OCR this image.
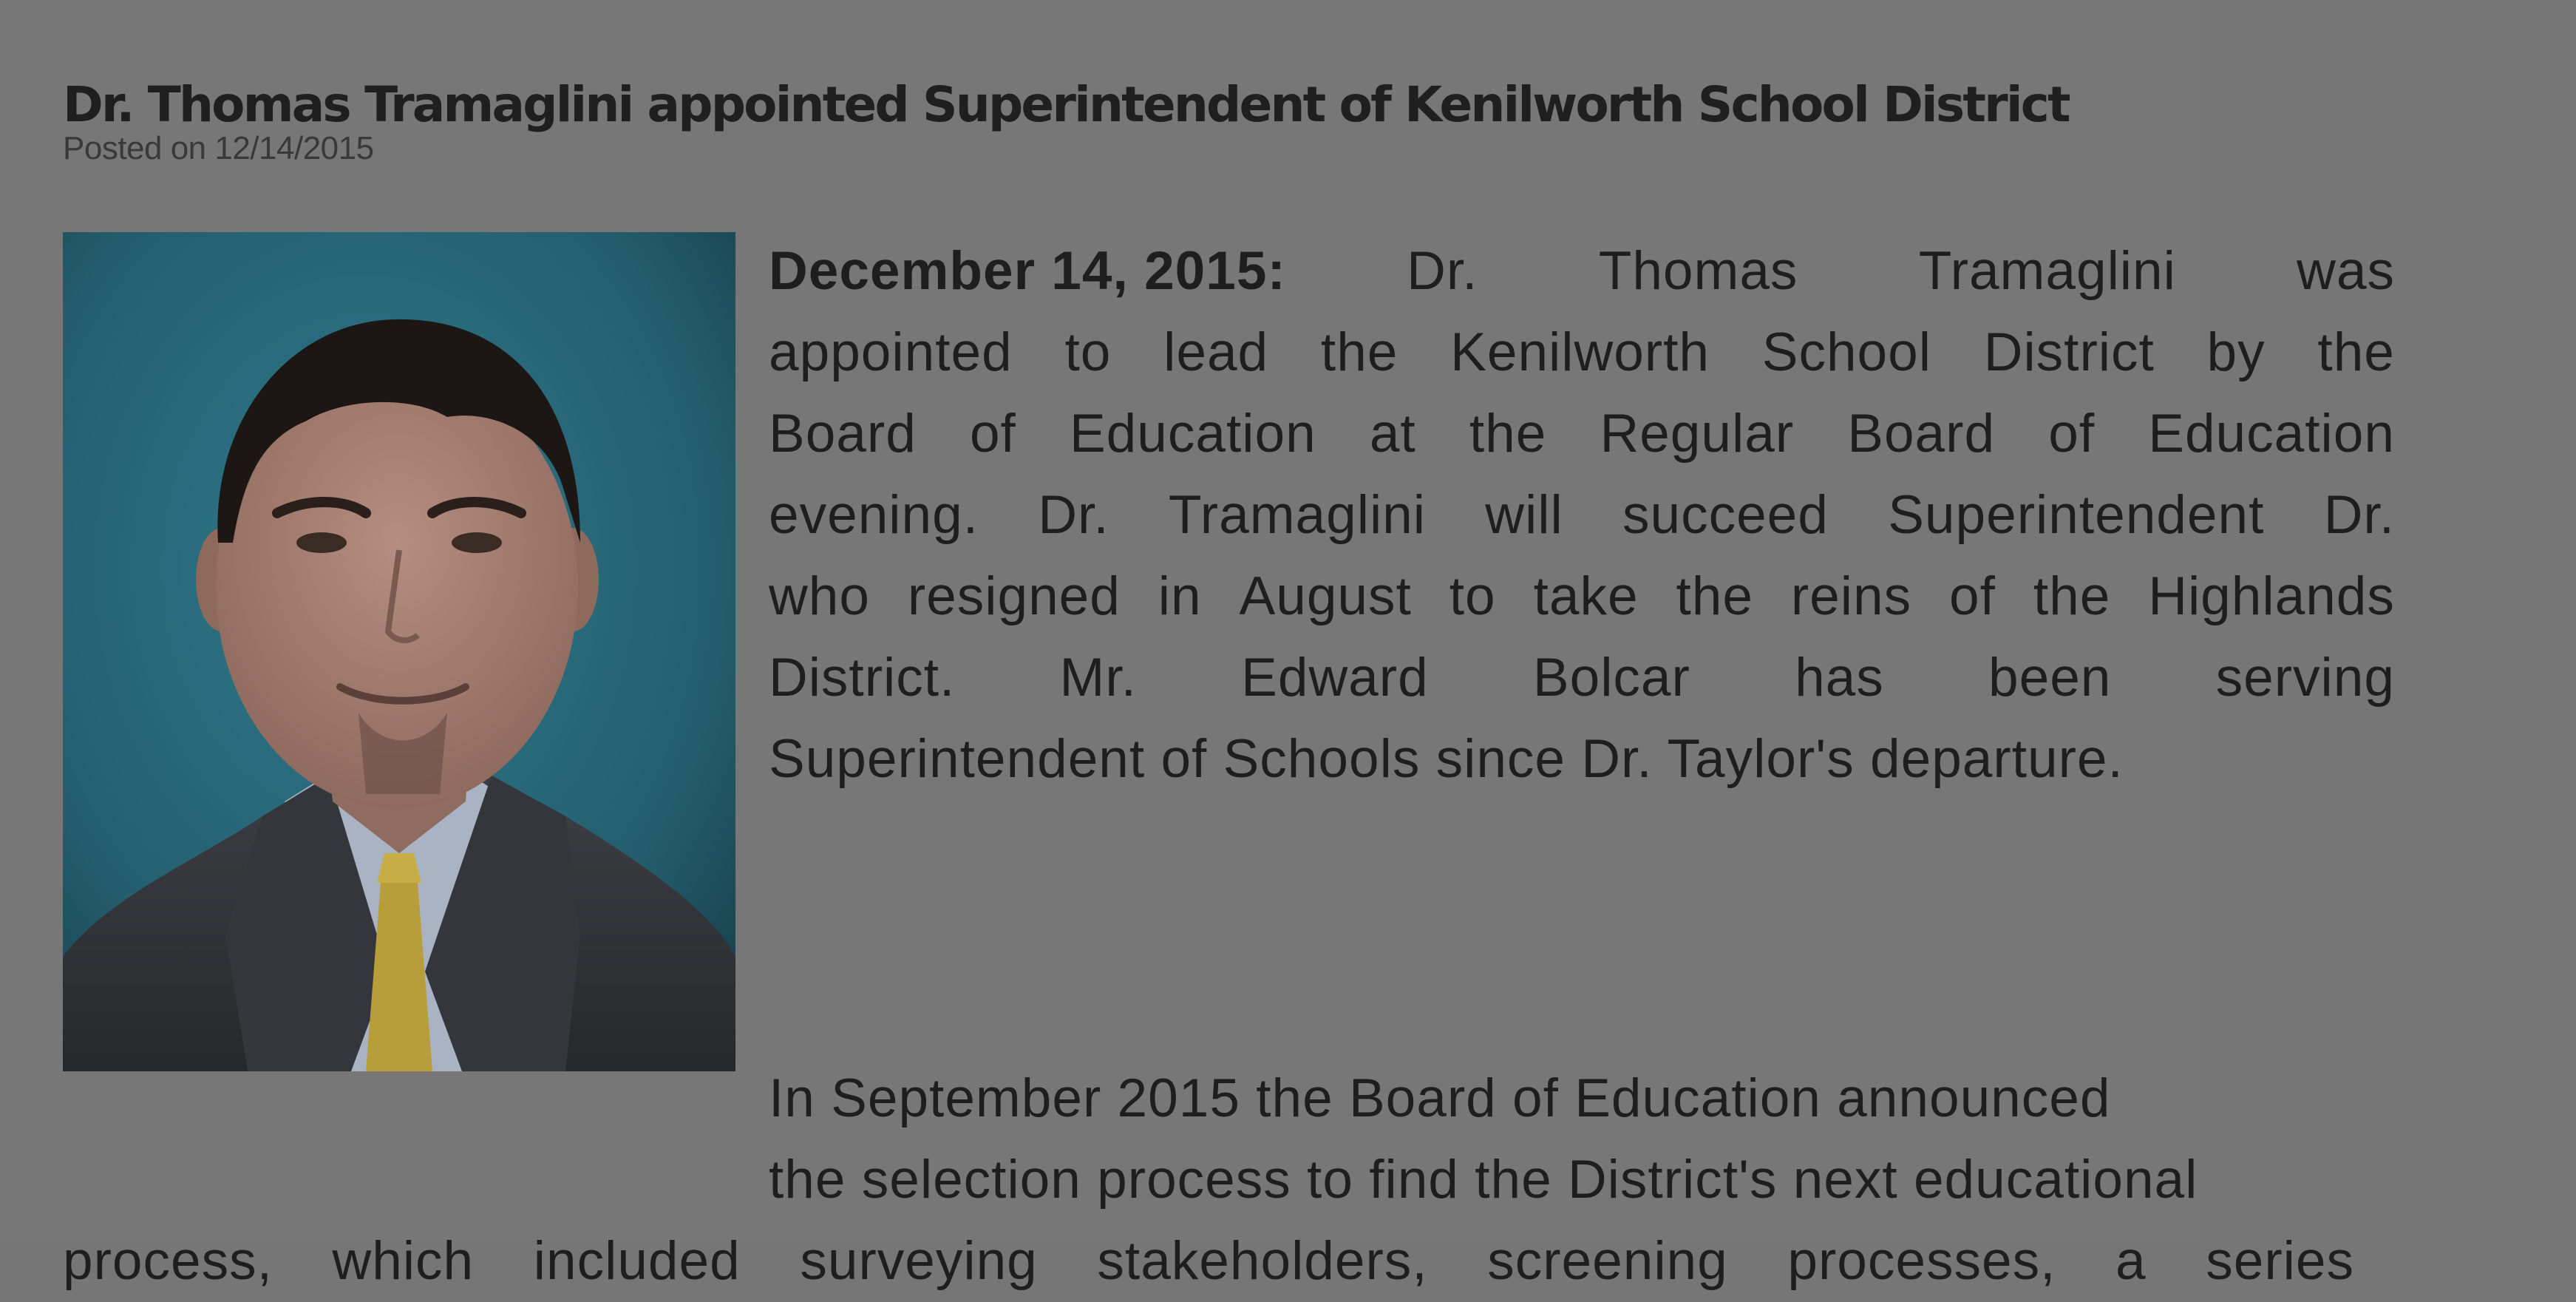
Dr. Thomas Tramaglini appointed Superintendent of Kenilworth School District
Posted on 12/14/2015
December 14, 2015: Dr. Thomas Tramaglini was
appointed to lead the Kenilworth School District by the
Board of Education at the Regular Board of Education
evening. Dr. Tramaglini will succeed Superintendent Dr.
who resigned in August to take the reins of the Highlands
District. Mr. Edward Bolcar has been serving
Superintendent of Schools since Dr. Taylor's departure.
In September 2015 the Board of Education announced
the selection process to find the District's next educational
process, which included surveying stakeholders, screening processes, a series
